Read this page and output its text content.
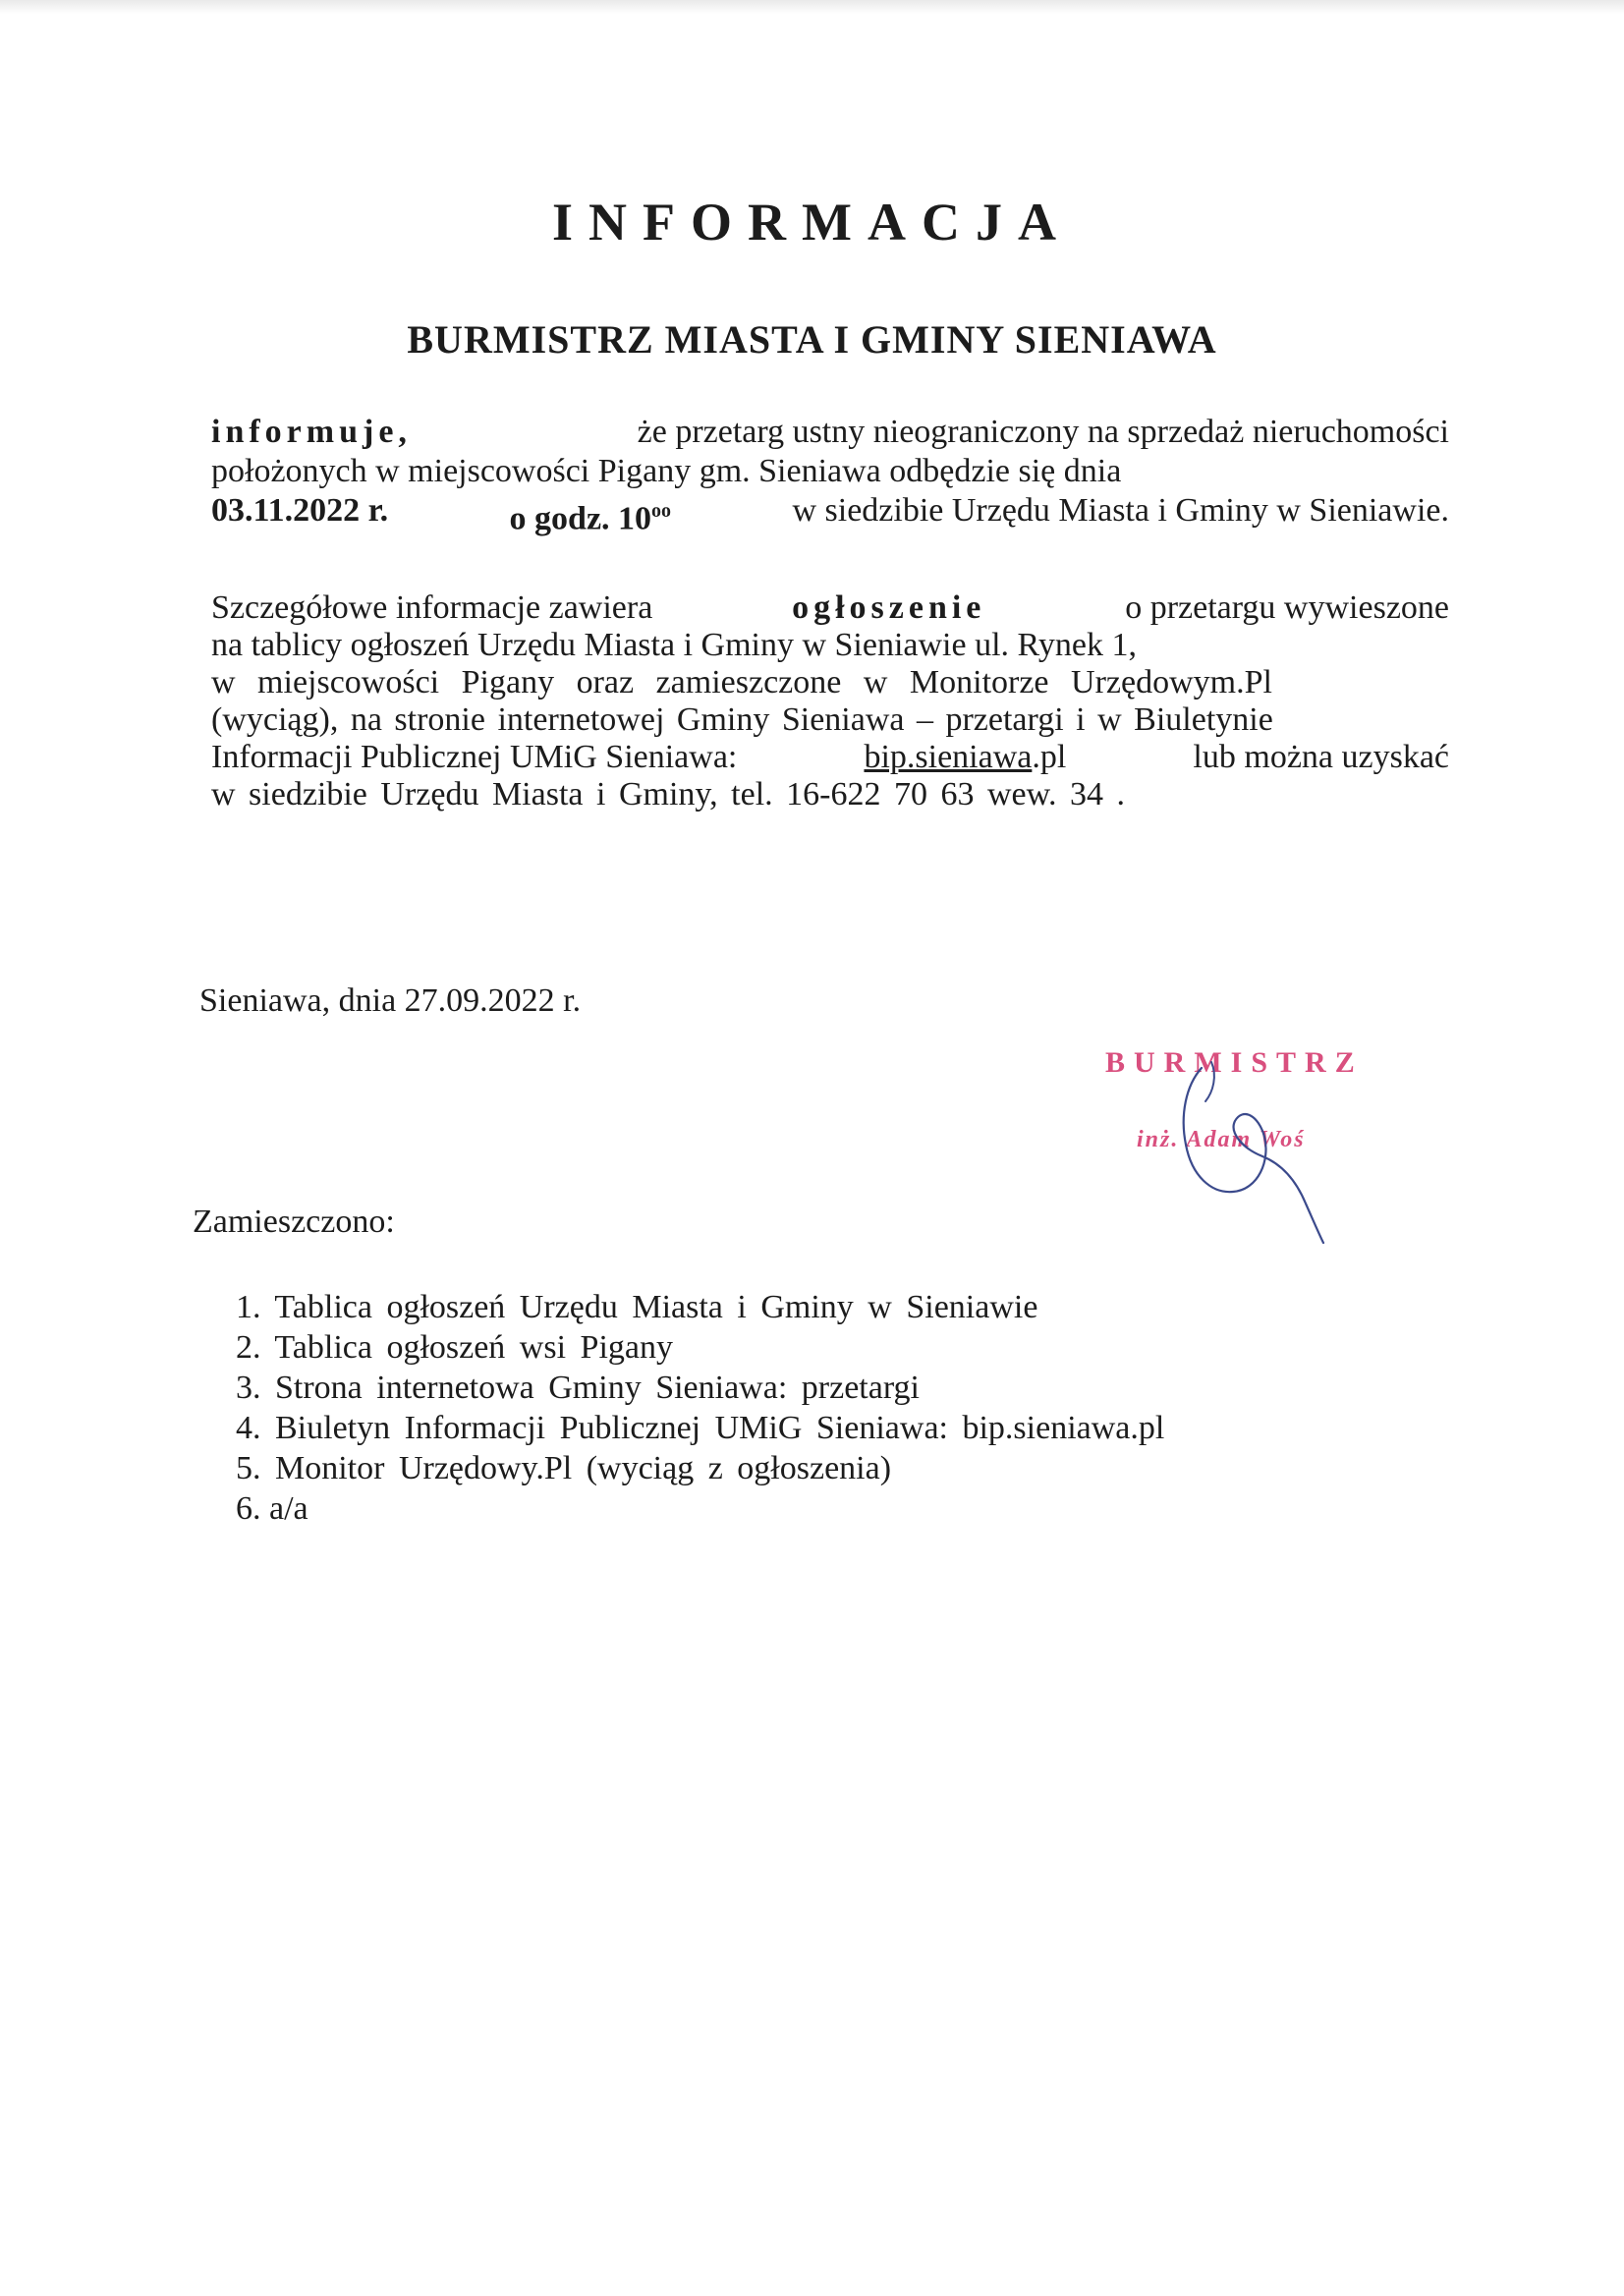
INFORMACJA
BURMISTRZ MIASTA I GMINY SIENIAWA
informuje,	że przetarg ustny nieograniczony na sprzedaż nieruchomości
położonych w miejscowości Pigany gm. Sieniawa odbędzie się dnia
03.11.2022 r.	o godz. $10^{oo}$	w siedzibie Urzędu Miasta i Gminy w Sieniawie.
Szczegółowe informacje zawiera	ogłoszenie	o przetargu wywieszone
na tablicy ogłoszeń Urzędu Miasta i Gminy w Sieniawie ul. Rynek 1,
w miejscowości Pigany oraz zamieszczone w Monitorze Urzędowym.Pl
(wyciąg), na stronie internetowej Gminy Sieniawa – przetargi i w Biuletynie
Informacji Publicznej UMiG Sieniawa:	bip.sieniawa.pl	lub można uzyskać
w siedzibie Urzędu Miasta i Gminy, tel. 16-622 70 63 wew. 34 .
Sieniawa, dnia 27.09.2022 r.
BURMISTRZ
inż. Adam Woś
Zamieszczono:
1. Tablica ogłoszeń Urzędu Miasta i Gminy w Sieniawie
2. Tablica ogłoszeń wsi Pigany
3. Strona internetowa Gminy Sieniawa: przetargi
4. Biuletyn Informacji Publicznej UMiG Sieniawa: bip.sieniawa.pl
5. Monitor Urzędowy.Pl (wyciąg z ogłoszenia)
6. a/a
